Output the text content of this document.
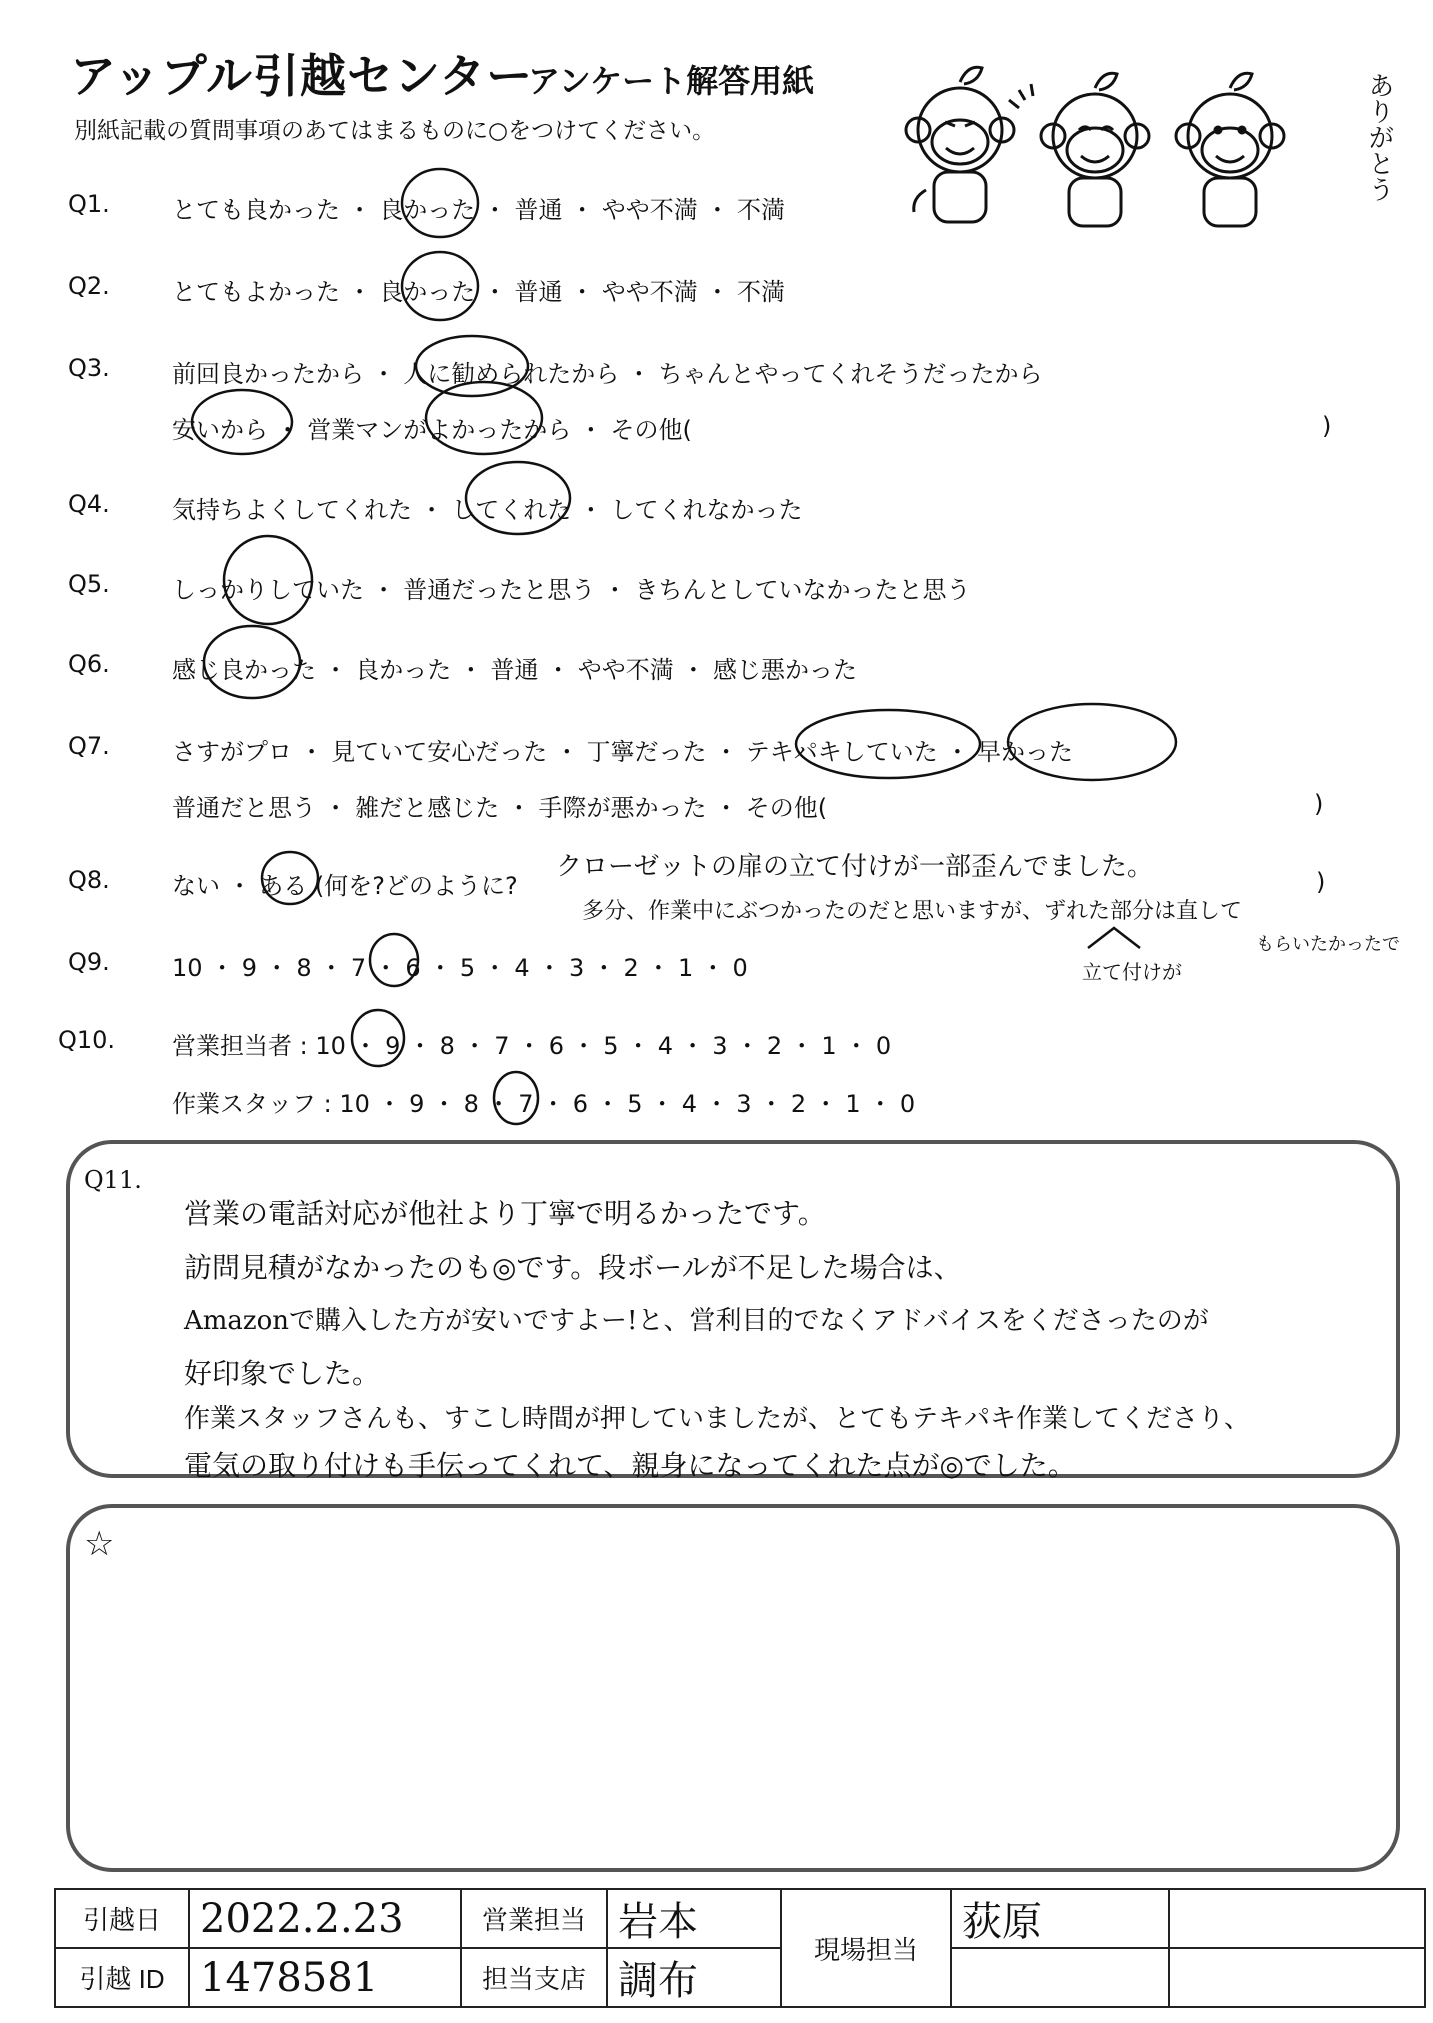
アップル引越センター
アンケート解答用紙
別紙記載の質問事項のあてはまるものに○をつけてください。	ありがとう
Q1.	とても良かった ・ 良かった ・ 普通 ・ やや不満 ・ 不満
Q2.	とてもよかった ・ 良かった ・ 普通 ・ やや不満 ・ 不満
Q3.	前回良かったから ・ 人に勧められたから ・ ちゃんとやってくれそうだったから
安いから ・ 営業マンがよかったから ・ その他(	)
Q4.	気持ちよくしてくれた ・ してくれた ・ してくれなかった
Q5.	しっかりしていた ・ 普通だったと思う ・ きちんとしていなかったと思う
Q6.	感じ良かった ・ 良かった ・ 普通 ・ やや不満 ・ 感じ悪かった
Q7.	さすがプロ ・ 見ていて安心だった ・ 丁寧だった ・ テキパキしていた ・ 早かった
普通だと思う ・ 雑だと感じた ・ 手際が悪かった ・ その他(	)
Q8.	ない ・ ある (何を?どのように?	)
クローゼットの扉の立て付けが一部歪んでました。
多分、作業中にぶつかったのだと思いますが、ずれた部分は直して
もらいたかったで
立て付けが
Q9.	10 ・ 9 ・ 8 ・ 7 ・ 6 ・ 5 ・ 4 ・ 3 ・ 2 ・ 1 ・ 0
Q10. 営業担当者 : 10 ・ 9 ・ 8 ・ 7 ・ 6 ・ 5 ・ 4 ・ 3 ・ 2 ・ 1 ・ 0
作業スタッフ : 10 ・ 9 ・ 8 ・ 7 ・ 6 ・ 5 ・ 4 ・ 3 ・ 2 ・ 1 ・ 0
Q11.
営業の電話対応が他社より丁寧で明るかったです。
訪問見積がなかったのも◎です。段ボールが不足した場合は、
Amazonで購入した方が安いですよー!と、営利目的でなくアドバイスをくださったのが
好印象でした。
作業スタッフさんも、すこし時間が押していましたが、とてもテキパキ作業してくださり、
電気の取り付けも手伝ってくれて、親身になってくれた点が◎でした。
☆
引越日	2022.2.23	営業担当	岩本	現場担当	荻原	
引越 ID	1478581	担当支店	調布			
